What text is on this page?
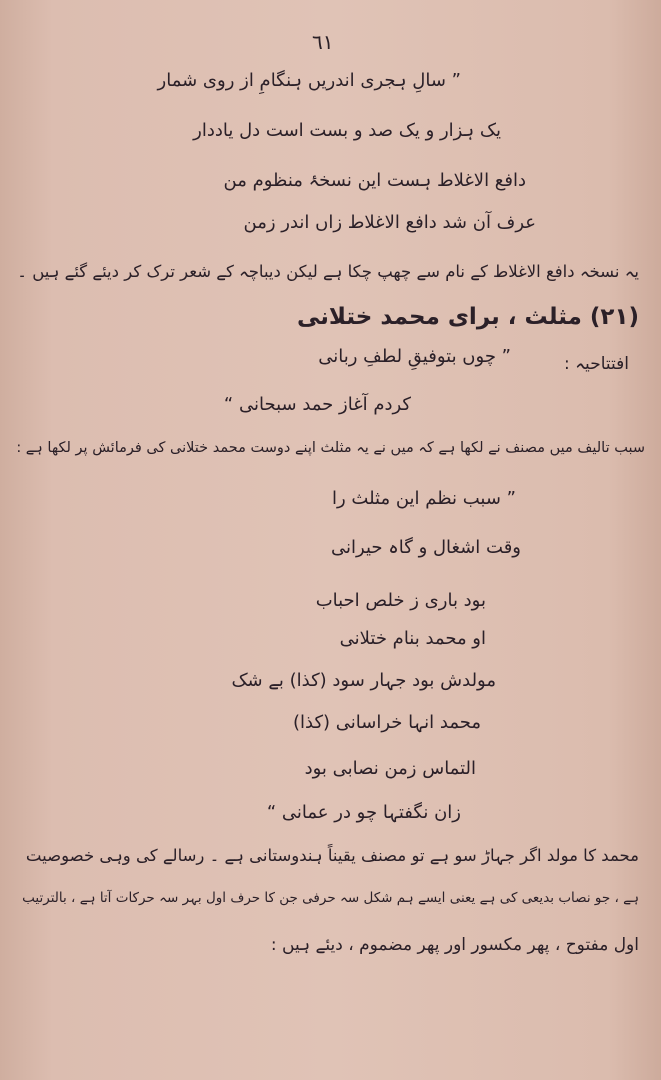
٦١
” سالِ ہجری اندریں ہنگامِ از روی شمار
یک ہزار و یک صد و بست است دل یاددار
دافع الاغلاط ہست این نسخۂ منظوم من
عرف آن شد دافع الاغلاط زاں اندر زمن
یہ نسخہ دافع الاغلاط کے نام سے چھپ چکا ہے لیکن دیباچہ کے شعر ترک کر دیئے گئے ہیں ۔
(۲۱) مثلث ، برای محمد ختلانی
افتتاحیہ :
” چوں بتوفیقِ لطفِ ربانی
کردم آغاز حمد سبحانی “
سبب تالیف میں مصنف نے لکھا ہے کہ میں نے یہ مثلث اپنے دوست محمد ختلانی کی فرمائش پر لکھا ہے :
” سبب نظم این مثلث را
وقت اشغال و گاہ حیرانی
بود باری ز خلص احباب
او محمد بنام ختلانی
مولدش بود جہار سود (کذا) بے شک
محمد انہا خراسانی (کذا)
التماس زمن نصابی بود
زان نگفتہا چو در عمانی “
محمد کا مولد اگر جہاڑ سو ہے تو مصنف یقیناً ہندوستانی ہے ۔ رسالے کی وہی خصوصیت
ہے ، جو نصاب بدیعی کی ہے یعنی ایسے ہم شکل سہ حرفی جن کا حرف اول بہر سہ حرکات آتا ہے ، بالترتیب
اول مفتوح ، پھر مکسور اور پھر مضموم ، دیئے ہیں :
